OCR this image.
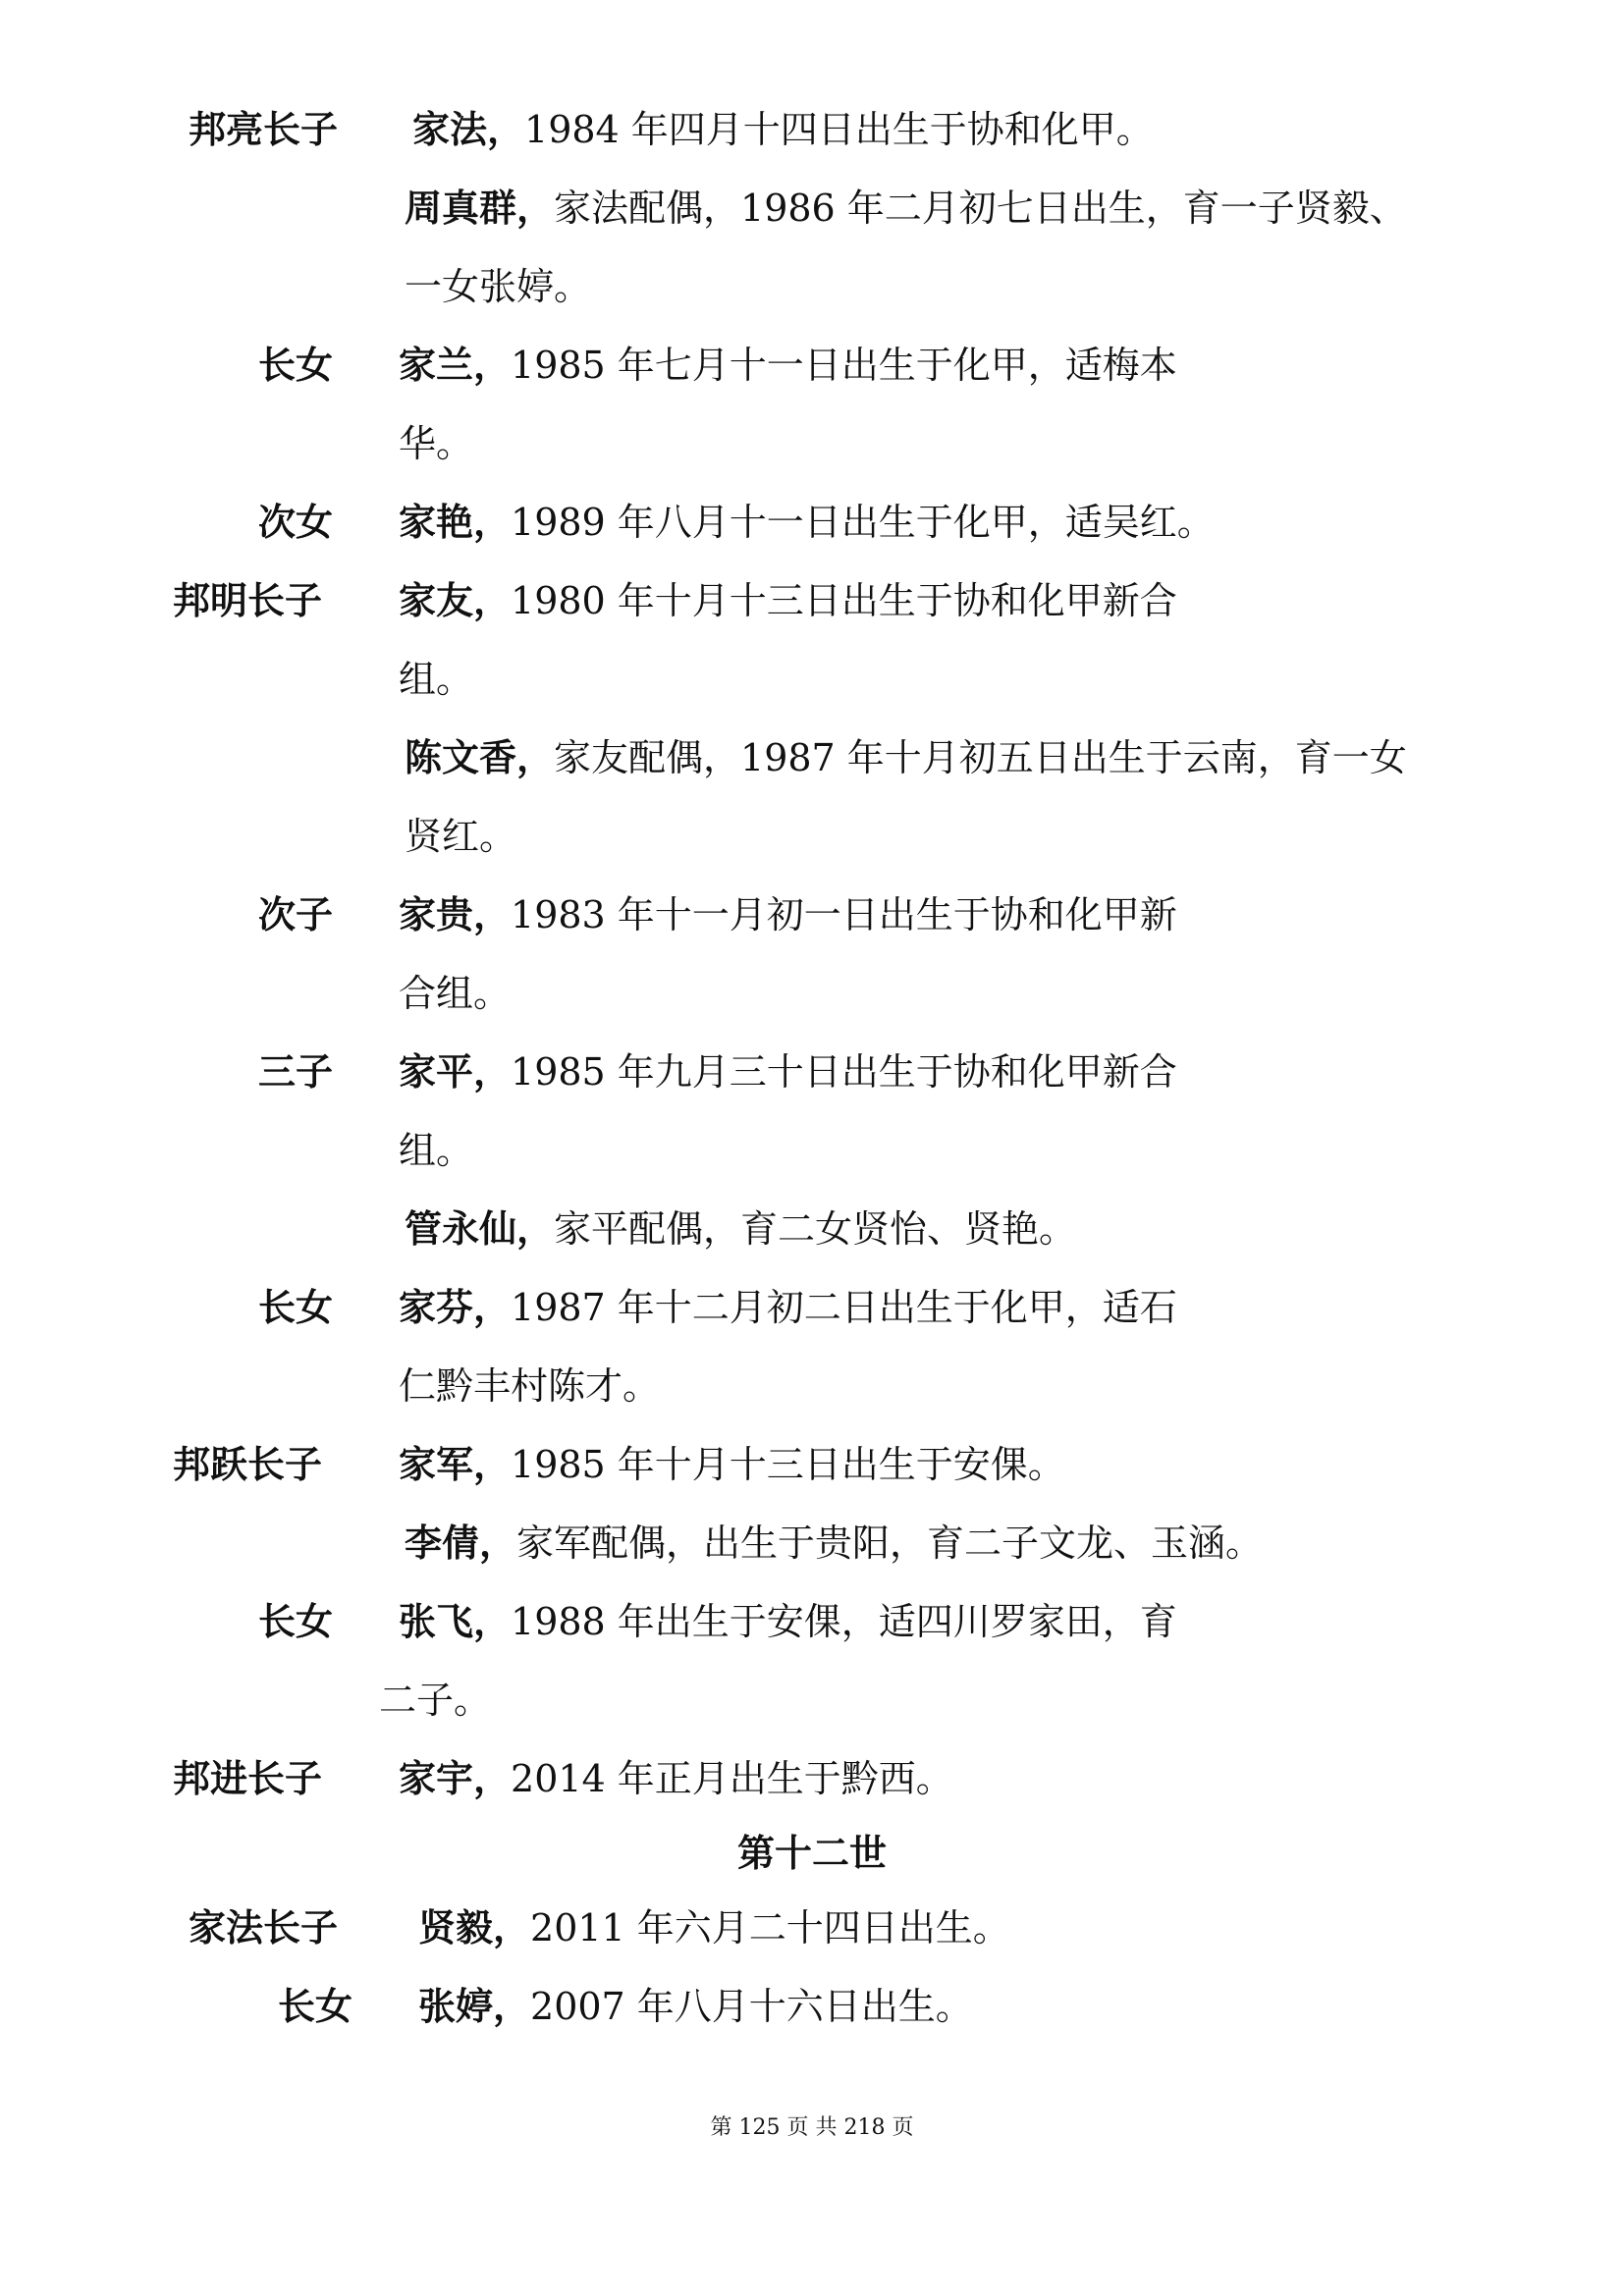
邦亮长子 家法，1984 年四月十四日出生于协和化甲。
周真群，家法配偶，1986 年二月初七日出生，育一子贤毅、
一女张婷。
长女 家兰，1985 年七月十一日出生于化甲，适梅本
华。
次女 家艳，1989 年八月十一日出生于化甲，适吴红。
邦明长子 家友，1980 年十月十三日出生于协和化甲新合
组。
陈文香，家友配偶，1987 年十月初五日出生于云南，育一女
贤红。
次子 家贵，1983 年十一月初一日出生于协和化甲新
合组。
三子 家平，1985 年九月三十日出生于协和化甲新合
组。
管永仙，家平配偶，育二女贤怡、贤艳。
长女 家芬，1987 年十二月初二日出生于化甲，适石
仁黔丰村陈才。
邦跃长子 家军，1985 年十月十三日出生于安倮。
李倩，家军配偶，出生于贵阳，育二子文龙、玉涵。
长女 张飞，1988 年出生于安倮，适四川罗家田，育
二子。
邦进长子 家宇，2014 年正月出生于黔西。
第十二世
家法长子 贤毅，2011 年六月二十四日出生。
长女 张婷，2007 年八月十六日出生。
第 125 页 共 218 页
